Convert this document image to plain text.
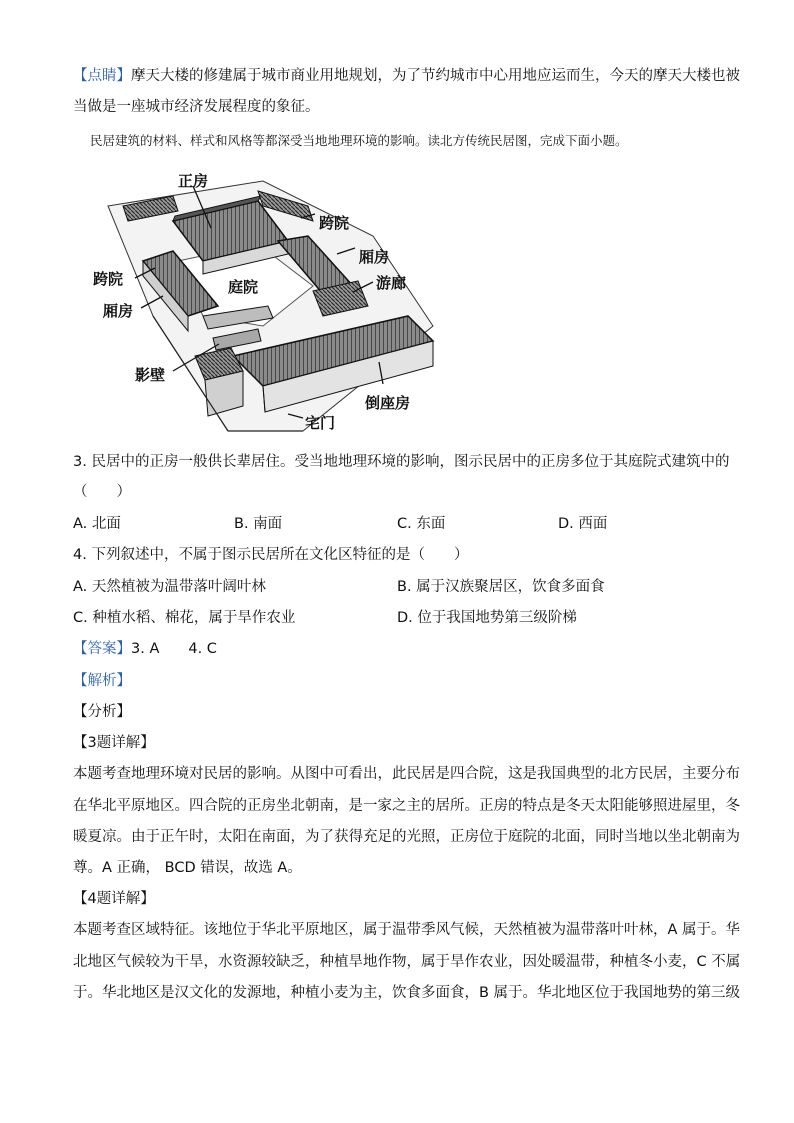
【点睛】摩天大楼的修建属于城市商业用地规划，为了节约城市中心用地应运而生，今天的摩天大楼也被
当做是一座城市经济发展程度的象征。
民居建筑的材料、样式和风格等都深受当地地理环境的影响。读北方传统民居图，完成下面小题。
正房
跨院
厢房
游廊
跨院	庭院
厢房
影壁
倒座房
宅门
3. 民居中的正房一般供长辈居住。受当地地理环境的影响，图示民居中的正房多位于其庭院式建筑中的
（　　）
A. 北面	B. 南面	C. 东面	D. 西面
4. 下列叙述中，不属于图示民居所在文化区特征的是（　　）
A. 天然植被为温带落叶阔叶林	B. 属于汉族聚居区，饮食多面食
C. 种植水稻、棉花，属于旱作农业	D. 位于我国地势第三级阶梯
【答案】3. A　　4. C
【解析】
【分析】
【3题详解】
本题考查地理环境对民居的影响。从图中可看出，此民居是四合院，这是我国典型的北方民居，主要分布
在华北平原地区。四合院的正房坐北朝南，是一家之主的居所。正房的特点是冬天太阳能够照进屋里，冬
暖夏凉。由于正午时，太阳在南面，为了获得充足的光照，正房位于庭院的北面，同时当地以坐北朝南为
尊。A 正确， BCD 错误，故选 A。
【4题详解】
本题考查区域特征。该地位于华北平原地区，属于温带季风气候，天然植被为温带落叶叶林，A 属于。华
北地区气候较为干旱，水资源较缺乏，种植旱地作物，属于旱作农业，因处暖温带，种植冬小麦，C 不属
于。华北地区是汉文化的发源地，种植小麦为主，饮食多面食，B 属于。华北地区位于我国地势的第三级
